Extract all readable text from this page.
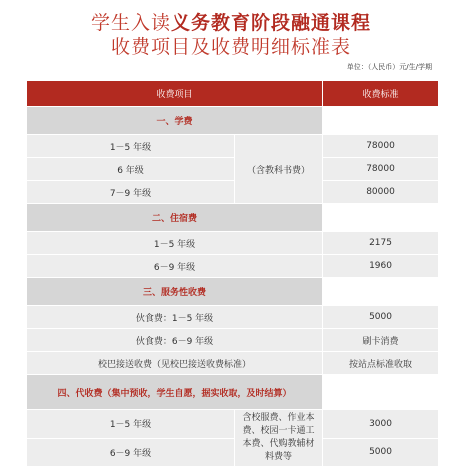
学生入读义务教育阶段融通课程
收费项目及收费明细标准表
单位：（人民币）元/生/学期
收费项目		收费标准
一、学费		
1－5 年级	（含教科书费）	78000
6 年级		78000
7－9 年级		80000
二、住宿费		
1－5 年级		2175
6－9 年级		1960
三、服务性收费		
伙食费：1－5 年级		5000
伙食费：6－9 年级		刷卡消费
校巴接送收费（见校巴接送收费标准）		按站点标准收取
四、代收费（集中预收，学生自愿，据实收取，及时结算）		
1－5 年级	含校服费、作业本费、校园一卡通工本费、代购教辅材料费等	3000
6－9 年级		5000
